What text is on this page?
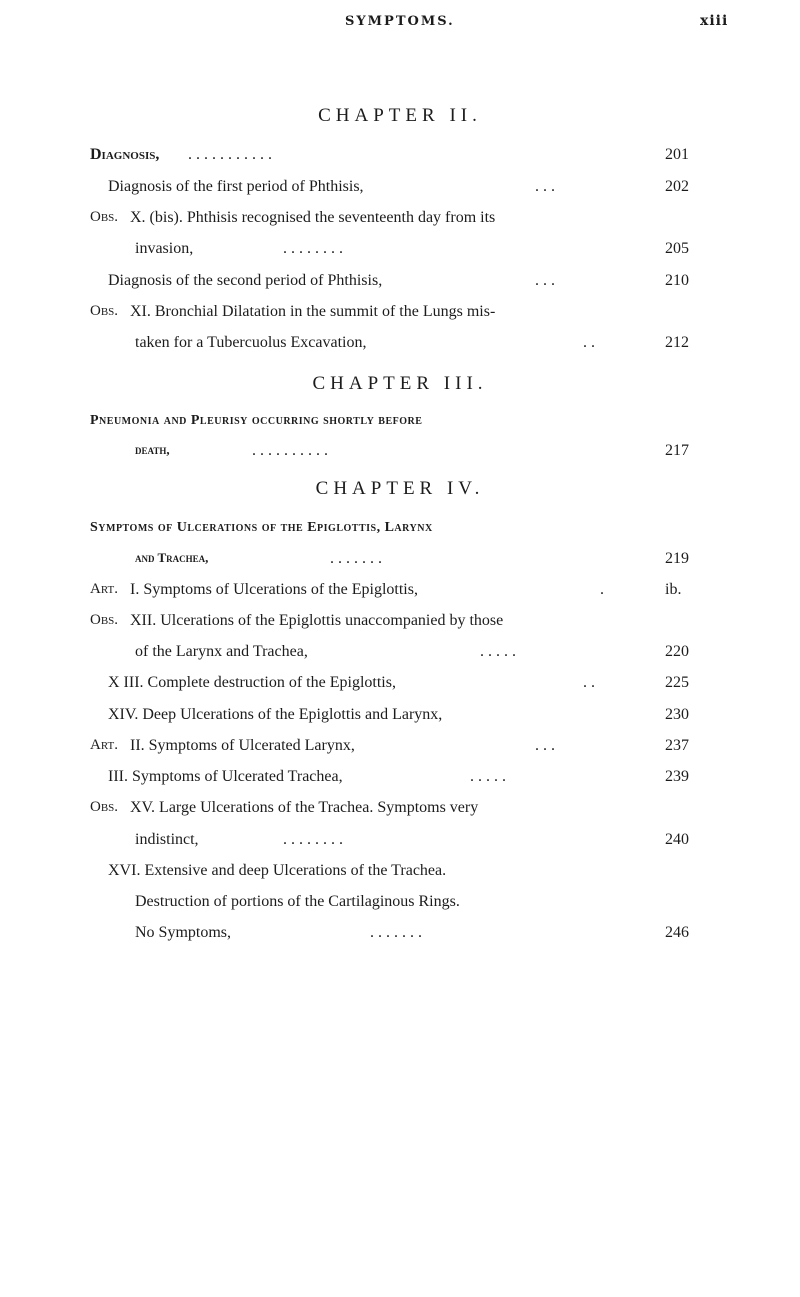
SYMPTOMS.	xiii
CHAPTER II.
Diagnosis, . . . . . . . . . . .	201
Diagnosis of the first period of Phthisis,	. . .	202
Obs. X. (bis). Phthisis recognised the seventeenth day from its
invasion,	. . . . . . . .	205
Diagnosis of the second period of Phthisis,	. . .	210
Obs. XI. Bronchial Dilatation in the summit of the Lungs mis-
taken for a Tubercuolus Excavation,	. .	212
CHAPTER III.
Pneumonia and Pleurisy occurring shortly before
death,	. . . . . . . . . .	217
CHAPTER IV.
Symptoms of Ulcerations of the Epiglottis, Larynx
and Trachea,	. . . . . . .	219
Art. I. Symptoms of Ulcerations of the Epiglottis,	.	ib.
Obs. XII. Ulcerations of the Epiglottis unaccompanied by those
of the Larynx and Trachea,	. . . . .	220
X III. Complete destruction of the Epiglottis,	. .	225
XIV. Deep Ulcerations of the Epiglottis and Larynx,	230
Art. II. Symptoms of Ulcerated Larynx,	. . .	237
III. Symptoms of Ulcerated Trachea,	. . . . .	239
Obs. XV. Large Ulcerations of the Trachea. Symptoms very
indistinct,	. . . . . . . .	240
XVI. Extensive and deep Ulcerations of the Trachea.
Destruction of portions of the Cartilaginous Rings.
No Symptoms,	. . . . . . .	246
